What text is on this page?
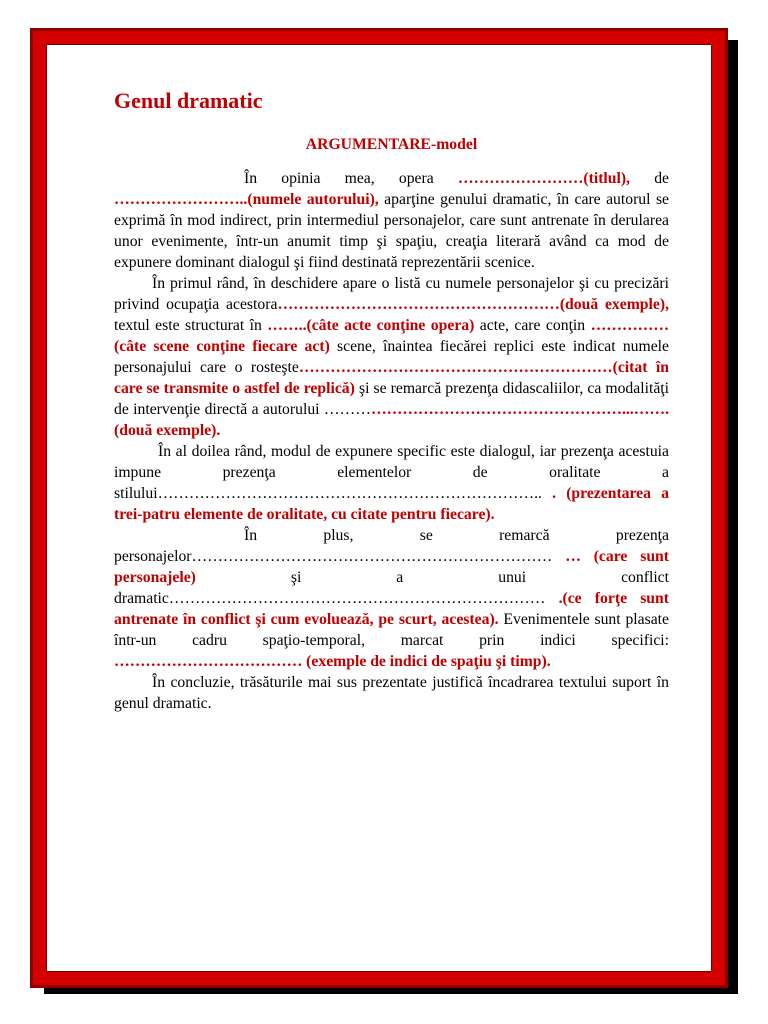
Genul dramatic
ARGUMENTARE-model

În opinia mea, opera ……………………(titlul), de ……………………..(numele autorului), aparţine genului dramatic, în care autorul se exprimă în mod indirect, prin intermediul personajelor, care sunt antrenate în derularea unor evenimente, într-un anumit timp şi spaţiu, creaţia literară având ca mod de expunere dominant dialogul şi fiind destinată reprezentării scenice.

În primul rând, în deschidere apare o listă cu numele personajelor şi cu precizări privind ocupaţia acestora………………………………………………(două exemple), textul este structurat în ……..(câte acte conţine opera) acte, care conţin ……………(câte scene conţine fiecare act) scene, înaintea fiecărei replici este indicat numele personajului care o rosteşte……………………………………………………(citat în care se transmite o astfel de replică) şi se remarcă prezenţa didascaliilor, ca modalităţi de intervenţie directă a autorului …………………………………………………...…….(două exemple).

În al doilea rând, modul de expunere specific este dialogul, iar prezenţa acestuia impune prezenţa elementelor de oralitate a stilului……………………………………………………………….. . (prezentarea a trei-patru elemente de oralitate, cu citate pentru fiecare).

În plus, se remarcă prezenţa personajelor…………………………………………………………… … (care sunt personajele) şi a unui conflict dramatic……………………………………………………………… .(ce forţe sunt antrenate în conflict şi cum evoluează, pe scurt, acestea). Evenimentele sunt plasate într-un cadru spaţio-temporal, marcat prin indici specifici: ……………………………… (exemple de indici de spaţiu şi timp).

În concluzie, trăsăturile mai sus prezentate justifică încadrarea textului suport în genul dramatic.
